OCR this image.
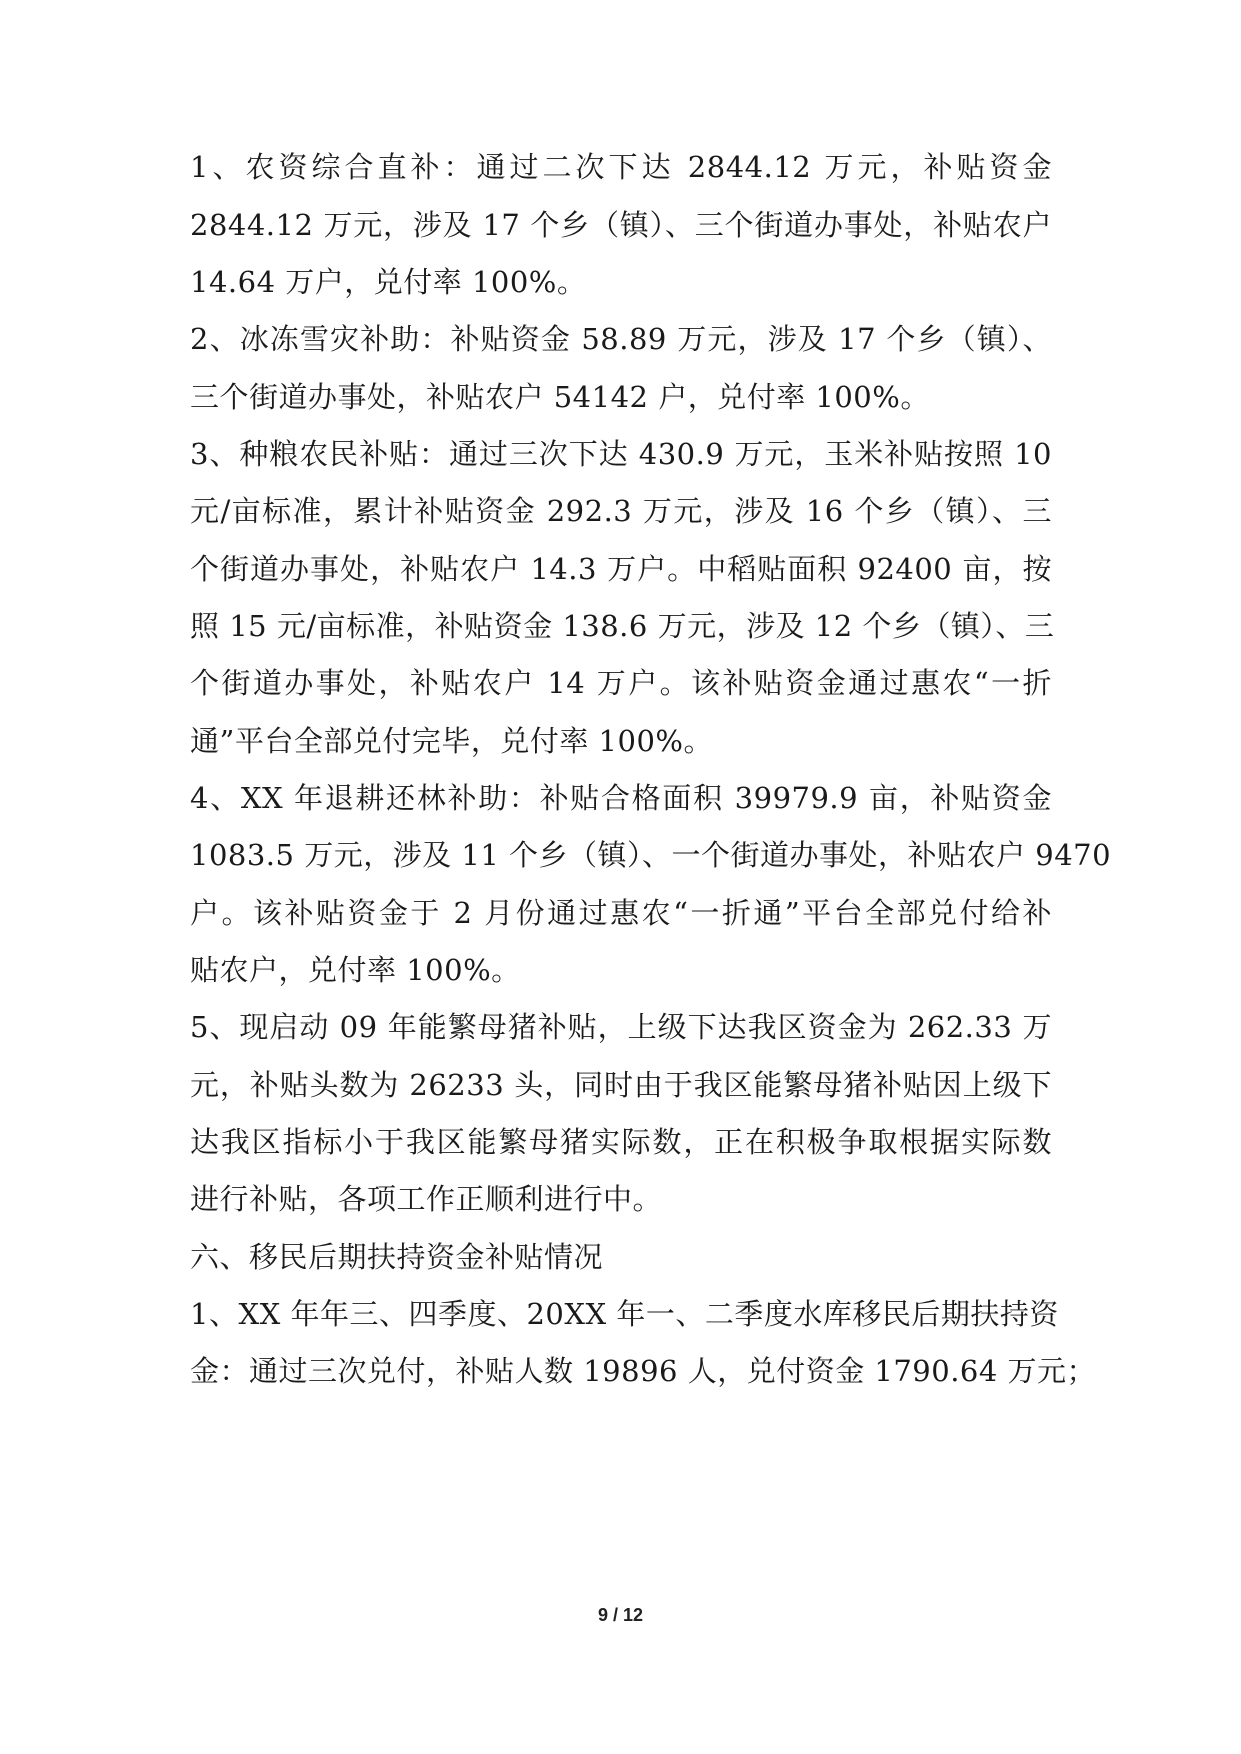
1、农资综合直补：通过二次下达 2844.12 万元，补贴资金
2844.12 万元，涉及 17 个乡（镇）、三个街道办事处，补贴农户
14.64 万户，兑付率 100%。
2、冰冻雪灾补助：补贴资金 58.89 万元，涉及 17 个乡（镇）、
三个街道办事处，补贴农户 54142 户，兑付率 100%。
3、种粮农民补贴：通过三次下达 430.9 万元，玉米补贴按照 10
元/亩标准，累计补贴资金 292.3 万元，涉及 16 个乡（镇）、三
个街道办事处，补贴农户 14.3 万户。中稻贴面积 92400 亩，按
照 15 元/亩标准，补贴资金 138.6 万元，涉及 12 个乡（镇）、三
个街道办事处，补贴农户 14 万户。该补贴资金通过惠农“一折
通”平台全部兑付完毕，兑付率 100%。
4、XX 年退耕还林补助：补贴合格面积 39979.9 亩，补贴资金
1083.5 万元，涉及 11 个乡（镇）、一个街道办事处，补贴农户 9470
户。该补贴资金于 2 月份通过惠农“一折通”平台全部兑付给补
贴农户，兑付率 100%。
5、现启动 09 年能繁母猪补贴，上级下达我区资金为 262.33 万
元，补贴头数为 26233 头，同时由于我区能繁母猪补贴因上级下
达我区指标小于我区能繁母猪实际数，正在积极争取根据实际数
进行补贴，各项工作正顺利进行中。
六、移民后期扶持资金补贴情况
1、XX 年年三、四季度、20XX 年一、二季度水库移民后期扶持资
金：通过三次兑付，补贴人数 19896 人，兑付资金 1790.64 万元；
9 / 12
